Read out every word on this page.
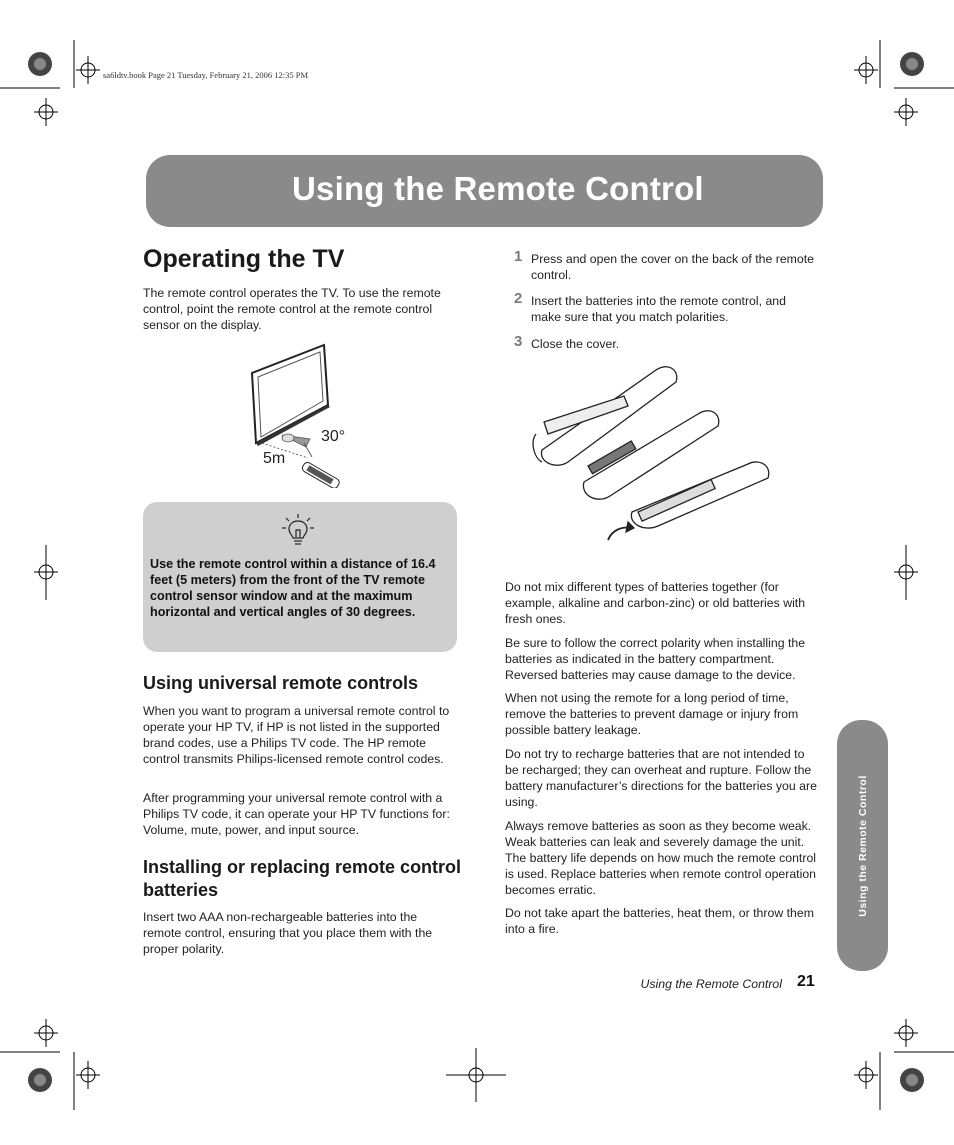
sa6ldtv.book Page 21 Tuesday, February 21, 2006 12:35 PM
Using the Remote Control
Operating the TV
The remote control operates the TV. To use the remote control, point the remote control at the remote control sensor on the display.
30°
5m
Use the remote control within a distance of 16.4 feet (5 meters) from the front of the TV remote control sensor window and at the maximum horizontal and vertical angles of 30 degrees.
Using universal remote controls
When you want to program a universal remote control to operate your HP TV, if HP is not listed in the supported brand codes, use a Philips TV code. The HP remote control transmits Philips-licensed remote control codes.
After programming your universal remote control with a Philips TV code, it can operate your HP TV functions for: Volume, mute, power, and input source.
Installing or replacing remote control batteries
Insert two AAA non-rechargeable batteries into the remote control, ensuring that you place them with the proper polarity.
1 Press and open the cover on the back of the remote control.
2 Insert the batteries into the remote control, and make sure that you match polarities.
3 Close the cover.
Do not mix different types of batteries together (for example, alkaline and carbon-zinc) or old batteries with fresh ones.
Be sure to follow the correct polarity when installing the batteries as indicated in the battery compartment. Reversed batteries may cause damage to the device.
When not using the remote for a long period of time, remove the batteries to prevent damage or injury from possible battery leakage.
Do not try to recharge batteries that are not intended to be recharged; they can overheat and rupture. Follow the battery manufacturer’s directions for the batteries you are using.
Always remove batteries as soon as they become weak. Weak batteries can leak and severely damage the unit. The battery life depends on how much the remote control is used. Replace batteries when remote control operation becomes erratic.
Do not take apart the batteries, heat them, or throw them into a fire.
Using the Remote Control
Using the Remote Control 21
